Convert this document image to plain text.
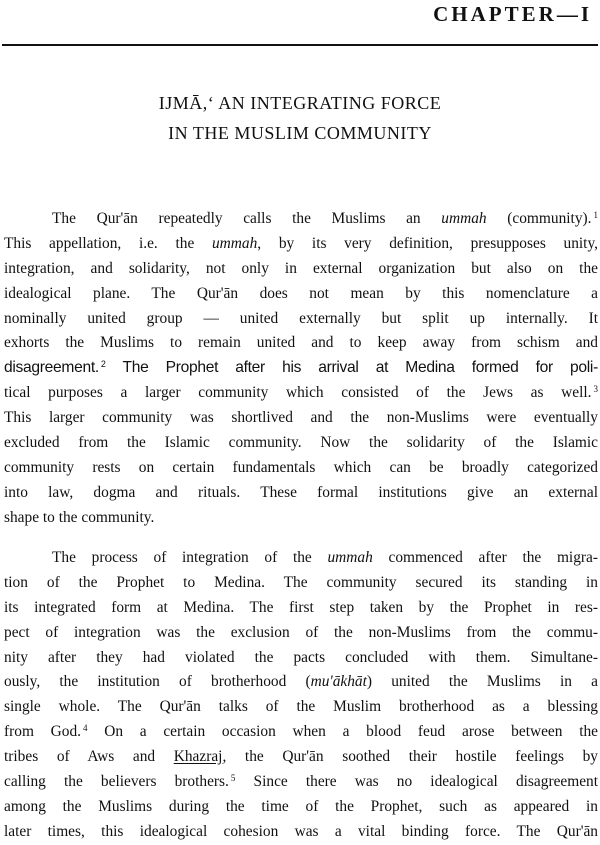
CHAPTER—I
IJMĀ,‘ AN INTEGRATING FORCE
IN THE MUSLIM COMMUNITY
The Qur'ān repeatedly calls the Muslims an ummah (community). $^1$
This appellation, i.e. the ummah, by its very definition, presupposes unity,
integration, and solidarity, not only in external organization but also on the
idealogical plane. The Qur'ān does not mean by this nomenclature a
nominally united group — united externally but split up internally. It
exhorts the Muslims to remain united and to keep away from schism and
disagreement. $^2$ The Prophet after his arrival at Medina formed for poli-
tical purposes a larger community which consisted of the Jews as well. $^3$
This larger community was shortlived and the non-Muslims were eventually
excluded from the Islamic community. Now the solidarity of the Islamic
community rests on certain fundamentals which can be broadly categorized
into law, dogma and rituals. These formal institutions give an external
shape to the community.
The process of integration of the ummah commenced after the migra-
tion of the Prophet to Medina. The community secured its standing in
its integrated form at Medina. The first step taken by the Prophet in res-
pect of integration was the exclusion of the non-Muslims from the commu-
nity after they had violated the pacts concluded with them. Simultane-
ously, the institution of brotherhood (mu'ākhāt) united the Muslims in a
single whole. The Qur'ān talks of the Muslim brotherhood as a blessing
from God. $^4$ On a certain occasion when a blood feud arose between the
tribes of Aws and Khazraj, the Qur'ān soothed their hostile feelings by
calling the believers brothers. $^5$ Since there was no idealogical disagreement
among the Muslims during the time of the Prophet, such as appeared in
later times, this idealogical cohesion was a vital binding force. The Qur'ān
